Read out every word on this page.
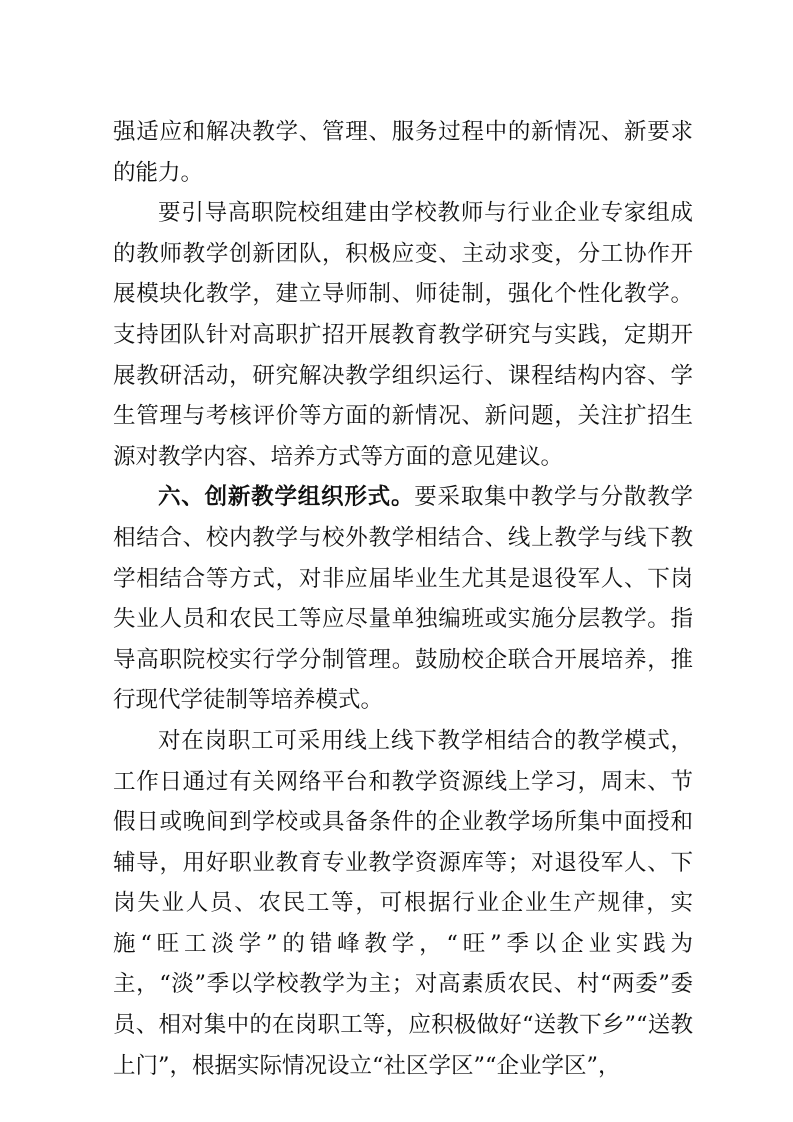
强适应和解决教学、管理、服务过程中的新情况、新要求的能力。

要引导高职院校组建由学校教师与行业企业专家组成的教师教学创新团队，积极应变、主动求变，分工协作开展模块化教学，建立导师制、师徒制，强化个性化教学。支持团队针对高职扩招开展教育教学研究与实践，定期开展教研活动，研究解决教学组织运行、课程结构内容、学生管理与考核评价等方面的新情况、新问题，关注扩招生源对教学内容、培养方式等方面的意见建议。

六、创新教学组织形式。要采取集中教学与分散教学相结合、校内教学与校外教学相结合、线上教学与线下教学相结合等方式，对非应届毕业生尤其是退役军人、下岗失业人员和农民工等应尽量单独编班或实施分层教学。指导高职院校实行学分制管理。鼓励校企联合开展培养，推行现代学徒制等培养模式。

对在岗职工可采用线上线下教学相结合的教学模式，工作日通过有关网络平台和教学资源线上学习，周末、节假日或晚间到学校或具备条件的企业教学场所集中面授和辅导，用好职业教育专业教学资源库等；对退役军人、下岗失业人员、农民工等，可根据行业企业生产规律，实施“旺工淡学”的错峰教学，“旺”季以企业实践为主，“淡”季以学校教学为主；对高素质农民、村“两委”委员、相对集中的在岗职工等，应积极做好“送教下乡”“送教上门”，根据实际情况设立“社区学区”“企业学区”，
